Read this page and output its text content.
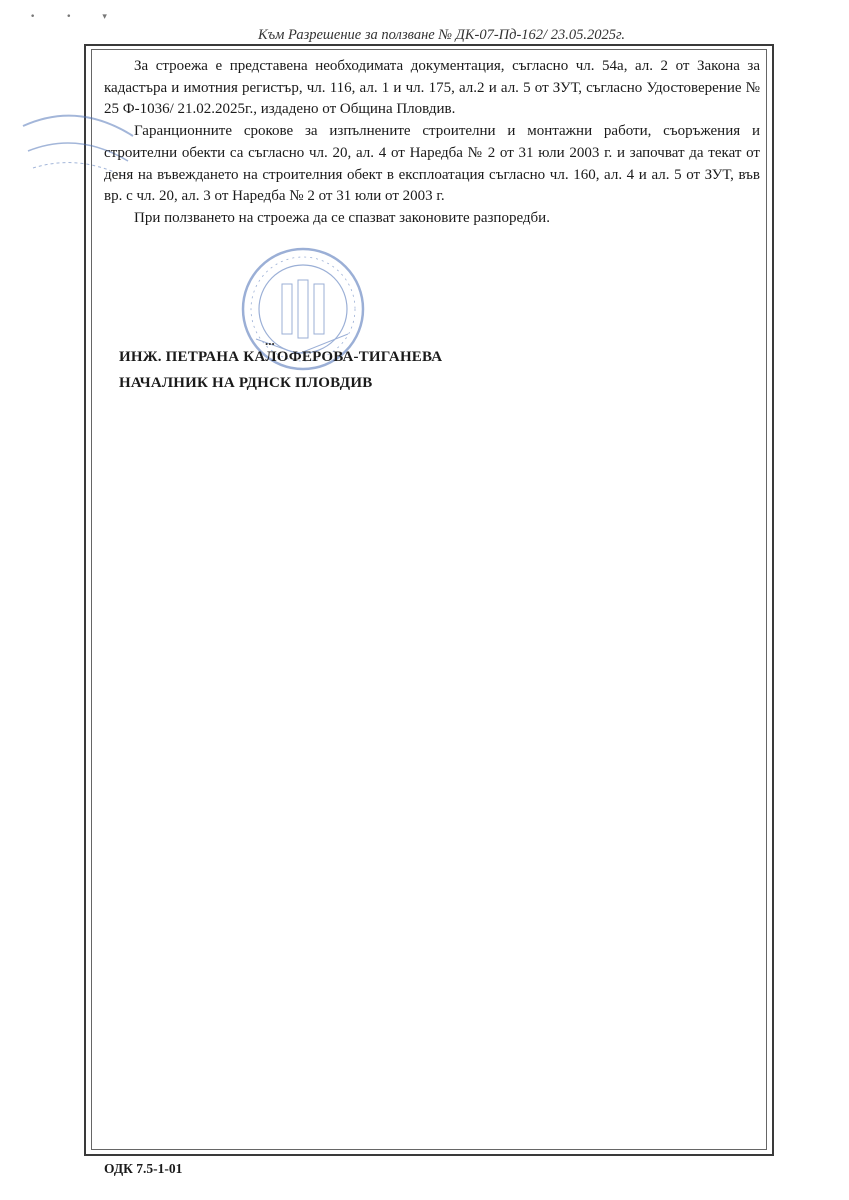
• • ▾
Към Разрешение за ползване № ДК-07-Пд-162/ 23.05.2025г.

За строежа е представена необходимата документация, съгласно чл. 54а, ал. 2 от Закона за кадастъра и имотния регистър, чл. 116, ал. 1 и чл. 175, ал.2 и ал. 5 от ЗУТ, съгласно Удостоверение № 25 Ф-1036/ 21.02.2025г., издадено от Община Пловдив.

Гаранционните срокове за изпълнените строителни и монтажни работи, съоръжения и строителни обекти са съгласно чл. 20, ал. 4 от Наредба № 2 от 31 юли 2003 г. и започват да текат от деня на въвеждането на строителния обект в експлоатация съгласно чл. 160, ал. 4 и ал. 5 от ЗУТ, във вр. с чл. 20, ал. 3 от Наредба № 2 от 31 юли от 2003 г.

При ползването на строежа да се спазват законовите разпоредби.

...
ИНЖ. ПЕТРАНА КАЛОФЕРОВА-ТИГАНЕВА
НАЧАЛНИК НА РДНСК ПЛОВДИВ
ОДК 7.5-1-01
